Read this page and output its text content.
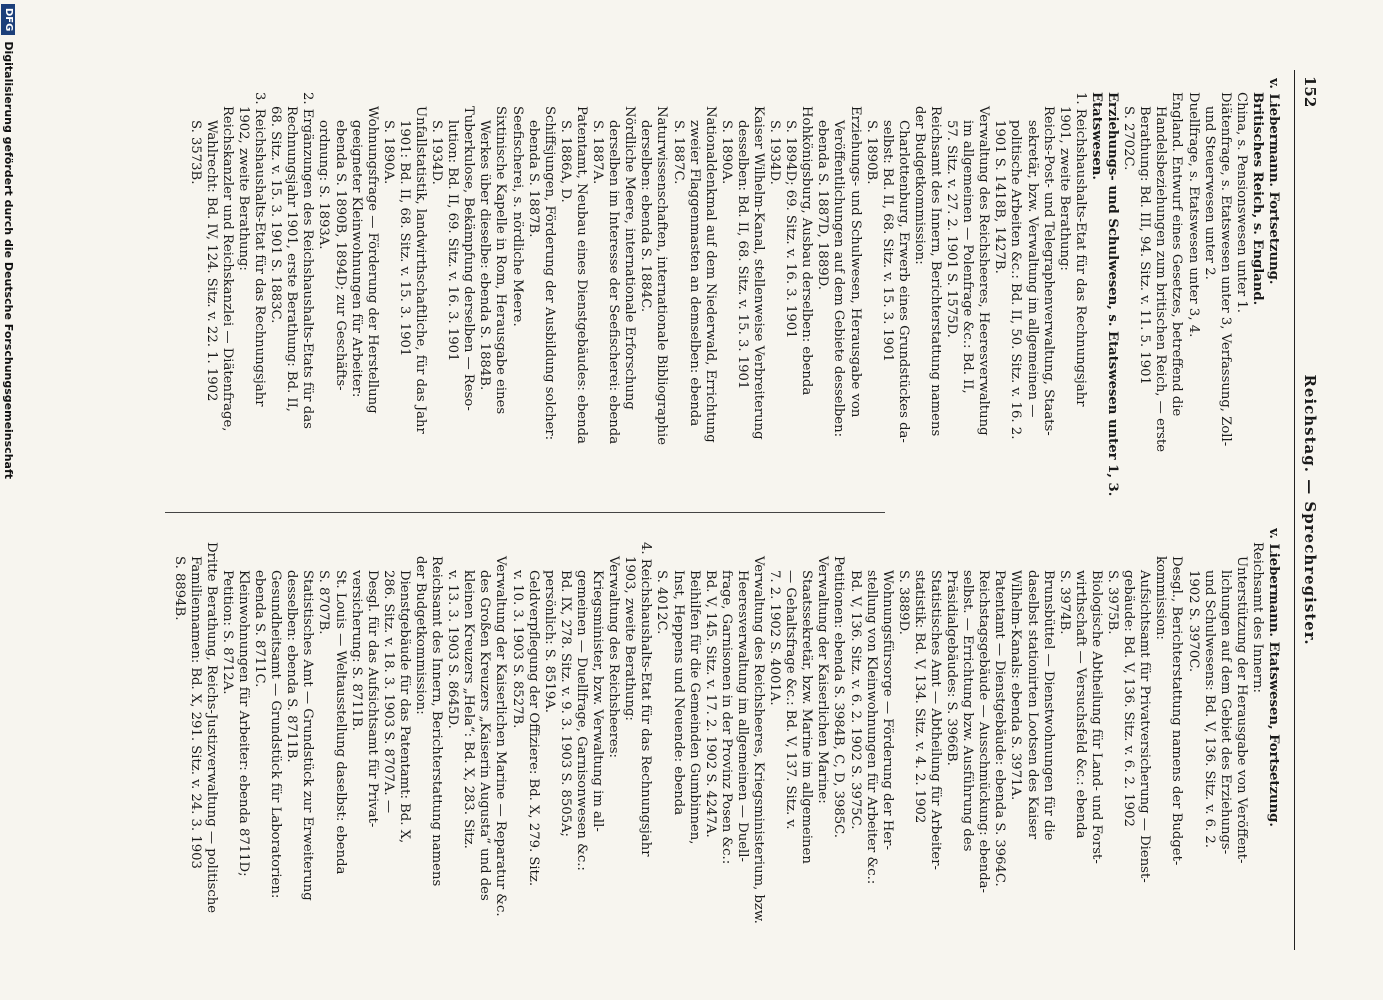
152
Reichstag. — Sprechregister.
v. Liebermann. Fortsetzung.
Britisches Reich, s. England.
China, s. Pensionswesen unter 1.
Diätenfrage, s. Etatswesen unter 3, Verfassung, Zoll-
und Steuerwesen unter 2.
Duellfrage, s. Etatswesen unter 3, 4.
England. Entwurf eines Gesetzes, betreffend die
Handelsbeziehungen zum britischen Reich, — erste
Berathung: Bd. III, 94. Sitz. v. 11. 5. 1901
S. 2702C.
Erziehungs- und Schulwesen, s. Etatswesen unter 1, 3.
Etatswesen.
1. Reichshaushalts-Etat für das Rechnungsjahr
1901, zweite Berathung:
Reichs-Post- und Telegraphenverwaltung, Staats-
sekretär, bzw. Verwaltung im allgemeinen —
politische Arbeiten &c.: Bd. II, 50. Sitz. v. 16. 2.
1901 S. 1418B, 1427B.
Verwaltung des Reichsheeres, Heeresverwaltung
im allgemeinen — Polenfrage &c.: Bd. II,
57. Sitz. v. 27. 2. 1901 S. 1575D.
Reichsamt des Innern, Berichterstattung namens
der Budgetkommission:
Charlottenburg, Erwerb eines Grundstückes da-
selbst: Bd. II, 68. Sitz. v. 15. 3. 1901
S. 1890B.
Erziehungs- und Schulwesen, Herausgabe von
Veröffentlichungen auf dem Gebiete desselben:
ebenda S. 1887D, 1889D.
Hohkönigsburg, Ausbau derselben: ebenda
S. 1894D; 69. Sitz. v. 16. 3. 1901
S. 1934D.
Kaiser Wilhelm-Kanal, stellenweise Verbreiterung
desselben: Bd. II, 68. Sitz. v. 15. 3. 1901
S. 1890A.
Nationaldenkmal auf dem Niederwald, Errichtung
zweier Flaggenmasten an demselben: ebenda
S. 1887C.
Naturwissenschaften, internationale Bibliographie
derselben: ebenda S. 1884C.
Nördliche Meere, internationale Erforschung
derselben im Interesse der Seefischerei: ebenda
S. 1887A.
Patentamt, Neubau eines Dienstgebäudes: ebenda
S. 1886A, D.
Schiffsjungen, Förderung der Ausbildung solcher:
ebenda S. 1887B.
Seefischerei, s. nördliche Meere.
Sixtinische Kapelle in Rom, Herausgabe eines
Werkes über dieselbe: ebenda S. 1884B.
Tuberkulose, Bekämpfung derselben — Reso-
lution: Bd. II, 69. Sitz. v. 16. 3. 1901
S. 1934D.
Unfallstatistik, landwirthschaftliche, für das Jahr
1901: Bd. II, 68. Sitz. v. 15. 3. 1901
S. 1890A.
Wohnungsfrage — Förderung der Herstellung
geeigneter Kleinwohnungen für Arbeiter:
ebenda S. 1890B, 1894D; zur Geschäfts-
ordnung: S. 1893A.
2. Ergänzungen des Reichshaushalts-Etats für das
Rechnungsjahr 1901, erste Berathung: Bd. II,
68. Sitz. v. 15. 3. 1901 S. 1883C.
3. Reichshaushalts-Etat für das Rechnungsjahr
1902, zweite Berathung:
Reichskanzler und Reichskanzlei — Diätenfrage,
Wahlrecht: Bd. IV, 124. Sitz. v. 22. 1. 1902
S. 3573B.
v. Liebermann. Etatswesen, Fortsetzung.
Reichsamt des Innern:
Unterstützung der Herausgabe von Veröffent-
lichungen auf dem Gebiet des Erziehungs-
und Schulwesens: Bd. V, 136. Sitz. v. 6. 2.
1902 S. 3970C.
Desgl., Berichterstattung namens der Budget-
kommission:
Aufsichtsamt für Privatversicherung — Dienst-
gebäude: Bd. V, 136. Sitz. v. 6. 2. 1902
S. 3975B.
Biologische Abtheilung für Land- und Forst-
wirthschaft — Versuchsfeld &c.: ebenda
S. 3974B.
Brunsbüttel — Dienstwohnungen für die
daselbst stationirten Lootsen des Kaiser
Wilhelm-Kanals: ebenda S. 3971A.
Patentamt — Dienstgebäude: ebenda S. 3964C.
Reichstagsgebäude — Ausschmückung: ebenda-
selbst. — Errichtung bzw. Ausführung des
Präsidialgebäudes: S. 3966B.
Statistisches Amt — Abtheilung für Arbeiter-
statistik: Bd. V, 134. Sitz. v. 4. 2. 1902
S. 3889D.
Wohnungsfürsorge — Förderung der Her-
stellung von Kleinwohnungen für Arbeiter &c.:
Bd. V, 136. Sitz. v. 6. 2. 1902 S. 3975C.
Petitionen: ebenda S. 3984B, C, D, 3985C.
Verwaltung der Kaiserlichen Marine:
Staatssekretär, bzw. Marine im allgemeinen
— Gehaltsfrage &c.: Bd. V, 137. Sitz. v.
7. 2. 1902 S. 4001A.
Verwaltung des Reichsheeres, Kriegsministerium, bzw.
Heeresverwaltung im allgemeinen — Duell-
frage, Garnisonen in der Provinz Posen &c.:
Bd. V, 145. Sitz. v. 17. 2. 1902 S. 4247A.
Beihilfen für die Gemeinden Gumbinnen,
Inst, Heppens und Neuende: ebenda
S. 4012C.
4. Reichshaushalts-Etat für das Rechnungsjahr
1903, zweite Berathung:
Verwaltung des Reichsheeres:
Kriegsminister, bzw. Verwaltung im all-
gemeinen — Duellfrage, Garnisonwesen &c.:
Bd. IX, 278. Sitz. v. 9. 3. 1903 S. 8505A;
persönlich: S. 8519A.
Geldverpflegung der Offiziere: Bd. X, 279. Sitz.
v. 10. 3. 1903 S. 8527B.
Verwaltung der Kaiserlichen Marine — Reparatur &c.
des Großen Kreuzers „Kaiserin Augusta“ und des
kleinen Kreuzers „Hela“: Bd. X, 283. Sitz.
v. 13. 3. 1903 S. 8645D.
Reichsamt des Innern, Berichterstattung namens
der Budgetkommission:
Dienstgebäude für das Patentamt: Bd. X,
286. Sitz. v. 18. 3. 1903 S. 8707A. —
Desgl. für das Aufsichtsamt für Privat-
versicherung: S. 8711B.
St. Louis — Weltausstellung daselbst: ebenda
S. 8707B.
Statistisches Amt — Grundstück zur Erweiterung
desselben: ebenda S. 8711B.
Gesundheitsamt — Grundstück für Laboratorien:
ebenda S. 8711C.
Kleinwohnungen für Arbeiter: ebenda 8711D;
Petition: S. 8712A.
Dritte Berathung, Reichs-Justizverwaltung — politische
Familiennamen: Bd. X, 291. Sitz. v. 24. 3. 1903
S. 8894B.
DFG
Digitalisierung gefördert durch die Deutsche Forschungsgemeinschaft
